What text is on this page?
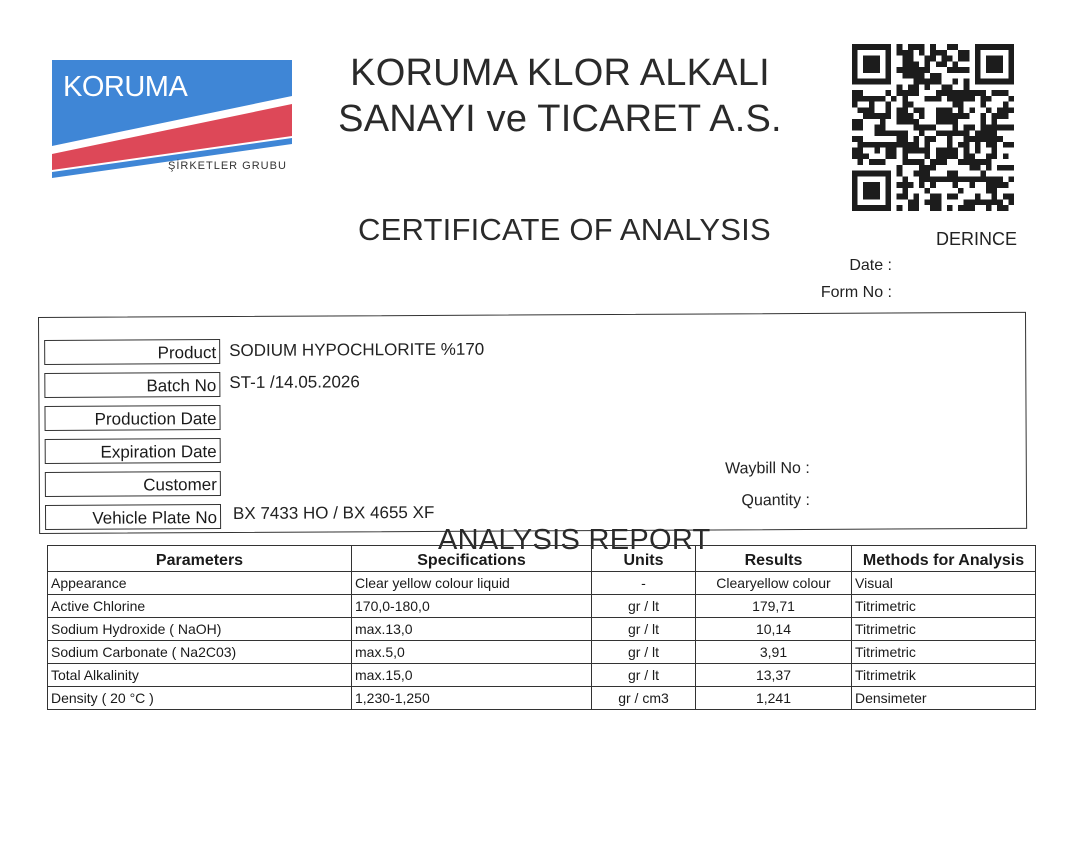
KORUMA
ŞİRKETLER GRUBU
KORUMA KLOR ALKALI
SANAYI ve TICARET A.S.
CERTIFICATE OF ANALYSIS	DERINCE
Date :
Form No :
Product SODIUM HYPOCHLORITE %170
Batch No ST-1 /14.05.2026
Production Date
Expiration Date
Customer
Vehicle Plate No BX 7433 HO / BX 4655 XF
Waybill No :
Quantity :
ANALYSIS REPORT
Parameters	Specifications	Units	Results	Methods for Analysis
Appearance	Clear yellow colour liquid	-	Clearyellow colour	Visual
Active Chlorine	170,0-180,0	gr / lt	179,71	Titrimetric
Sodium Hydroxide ( NaOH)	max.13,0	gr / lt	10,14	Titrimetric
Sodium Carbonate ( Na2C03)	max.5,0	gr / lt	3,91	Titrimetric
Total Alkalinity	max.15,0	gr / lt	13,37	Titrimetrik
Density ( 20 °C )	1,230-1,250	gr / cm3	1,241	Densimeter
